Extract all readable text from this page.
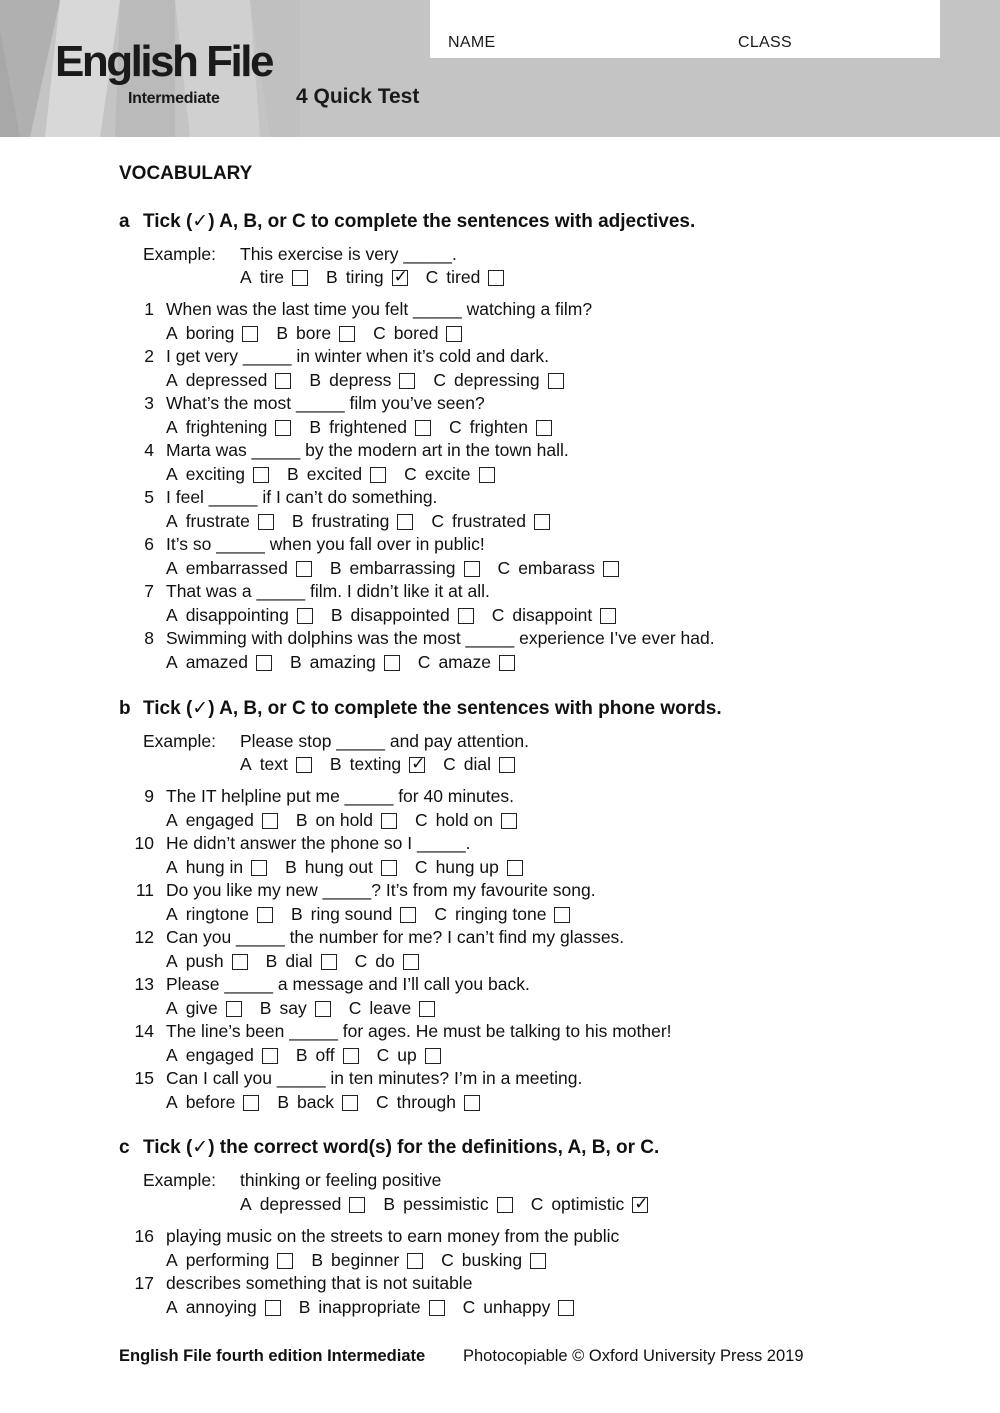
English File
Intermediate	4 Quick Test
NAME	CLASS
VOCABULARY
a Tick (✓) A, B, or C to complete the sentences with adjectives.
Example: This exercise is very _____.
A tire B tiring ✓ C tired
1 When was the last time you felt _____ watching a film?
A boring B bore C bored
2 I get very _____ in winter when it’s cold and dark.
A depressed B depress C depressing
3 What’s the most _____ film you’ve seen?
A frightening B frightened C frighten
4 Marta was _____ by the modern art in the town hall.
A exciting B excited C excite
5 I feel _____ if I can’t do something.
A frustrate B frustrating C frustrated
6 It’s so _____ when you fall over in public!
A embarrassed B embarrassing C embarass
7 That was a _____ film. I didn’t like it at all.
A disappointing B disappointed C disappoint
8 Swimming with dolphins was the most _____ experience I’ve ever had.
A amazed B amazing C amaze
b Tick (✓) A, B, or C to complete the sentences with phone words.
Example: Please stop _____ and pay attention.
A text B texting ✓ C dial
9 The IT helpline put me _____ for 40 minutes.
A engaged B on hold C hold on
10 He didn’t answer the phone so I _____.
A hung in B hung out C hung up
11 Do you like my new _____? It’s from my favourite song.
A ringtone B ring sound C ringing tone
12 Can you _____ the number for me? I can’t find my glasses.
A push B dial C do
13 Please _____ a message and I’ll call you back.
A give B say C leave
14 The line’s been _____ for ages. He must be talking to his mother!
A engaged B off C up
15 Can I call you _____ in ten minutes? I’m in a meeting.
A before B back C through
c Tick (✓) the correct word(s) for the definitions, A, B, or C.
Example: thinking or feeling positive
A depressed B pessimistic C optimistic✓
16 playing music on the streets to earn money from the public
A performing B beginner C busking
17 describes something that is not suitable
A annoying B inappropriate C unhappy
English File fourth edition Intermediate Photocopiable © Oxford University Press 2019
